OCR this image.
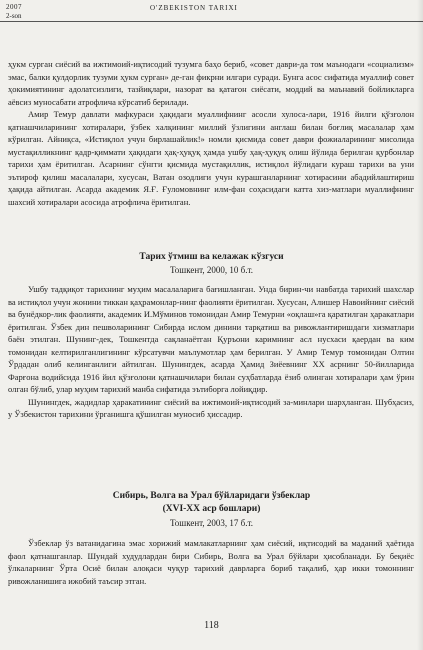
2007
2-son
O'ZBEKISTON TARIXI

ҳукм сурган сиёсий ва ижтимоий-иқтисодий тузумга баҳо бериб, «совет даври-да том маънодаги «социализм» эмас, балки қулдорлик тузуми ҳукм сурган» де-ган фикрни илгари суради. Бунга асос сифатида муаллиф совет ҳокимиятининг адолатсизлиги, тазйиқлари, назорат ва қатағон сиёсати, моддий ва маънавий бойликларга аёвсиз муносабати атрофлича кўрсатиб берилади.

Амир Темур давлати мафкураси ҳақидаги муаллифнинг асосли хулоса-лари, 1916 йилги қўзғолон қатнашчиларининг хотиралари, ўзбек халқининг миллий ўзлигини англаш билан боғлиқ масалалар ҳам кўрилган. Айниқса, «Истиқлол учун бирлашайлик!» номли қисмида совет даври фожиаларининг мисолида мустақилликнинг қадр-қиммати ҳақидаги ҳақ-ҳуқуқ ҳамда ушбу ҳақ-ҳуқуқ олиш йўлида берилган қурбонлар тарихи ҳам ёритилган. Асарнинг сўнгги қисмида мустақиллик, истиқлол йўлидаги кураш тарихи ва уни эътироф қилиш масалалари, хусусан, Ватан озодлиги учун курашганларнинг хотирасини абадийлаштириш ҳақида айтилган. Асарда академик Я.Ғ. Ғуломовнинг илм-фан соҳасидаги катта хиз-матлари муаллифнинг шахсий хотиралари асосида атрофлича ёритилган.

Тарих ўтмиш ва келажак кўзгуси
Тошкент, 2000, 10 б.т.

Ушбу тадқиқот тарихнинг муҳим масалаларига бағишланган. Унда бирин-чи навбатда тарихий шахслар ва истиқлол учун жонини тиккан қаҳрамонлар-нинг фаолияти ёритилган. Хусусан, Алишер Навоийнинг сиёсий ва бунёдкор-лик фаолияти, академик И.Мўминов томонидан Амир Темурни «оқлаш»га қаратилган ҳаракатлари ёритилган. Ўзбек дин пешволарининг Сибирда ислом динини тарқатиш ва ривожлантиришдаги хизматлари баён этилган. Шунинг-дек, Тошкентда сақланаётган Қуръони каримнинг асл нусхаси қаердан ва ким томонидан келтирилганлигининг кўрсатувчи маълумотлар ҳам берилган. У Амир Темур томонидан Олтин Ўрдадан олиб келинганлиги айтилган. Шунингдек, асарда Ҳамид Зиёевнинг XX асрнинг 50-йилларида Фарғона водийсида 1916 йил қўзғолони қатнашчилари билан суҳбатларда ёзиб олинган хотиралари ҳам ўрин олган бўлиб, улар муҳим тарихий манба сифатида эътиборга лойиқдир.

Шунингдек, жадидлар ҳаракатининг сиёсий ва ижтимоий-иқтисодий за-минлари шарҳланган. Шубҳасиз, у Ўзбекистон тарихини ўрганишга қўшилган муносиб ҳиссадир.

Сибирь, Волга ва Урал бўйларидаги ўзбеклар
(XVI-XX аср бошлари)
Тошкент, 2003, 17 б.т.

Ўзбеклар ўз ватанидагина эмас хорижий мамлакатларнинг ҳам сиёсий, иқтисодий ва маданий ҳаётида фаол қатнашганлар. Шундай худудлардан бири Сибирь, Волга ва Урал бўйлари ҳисобланади. Бу беқиёс ўлкаларнинг Ўрта Осиё билан алоқаси чуқур тарихий даврларга бориб тақалиб, ҳар икки томоннинг ривожланишига ижобий таъсир этган.

118
